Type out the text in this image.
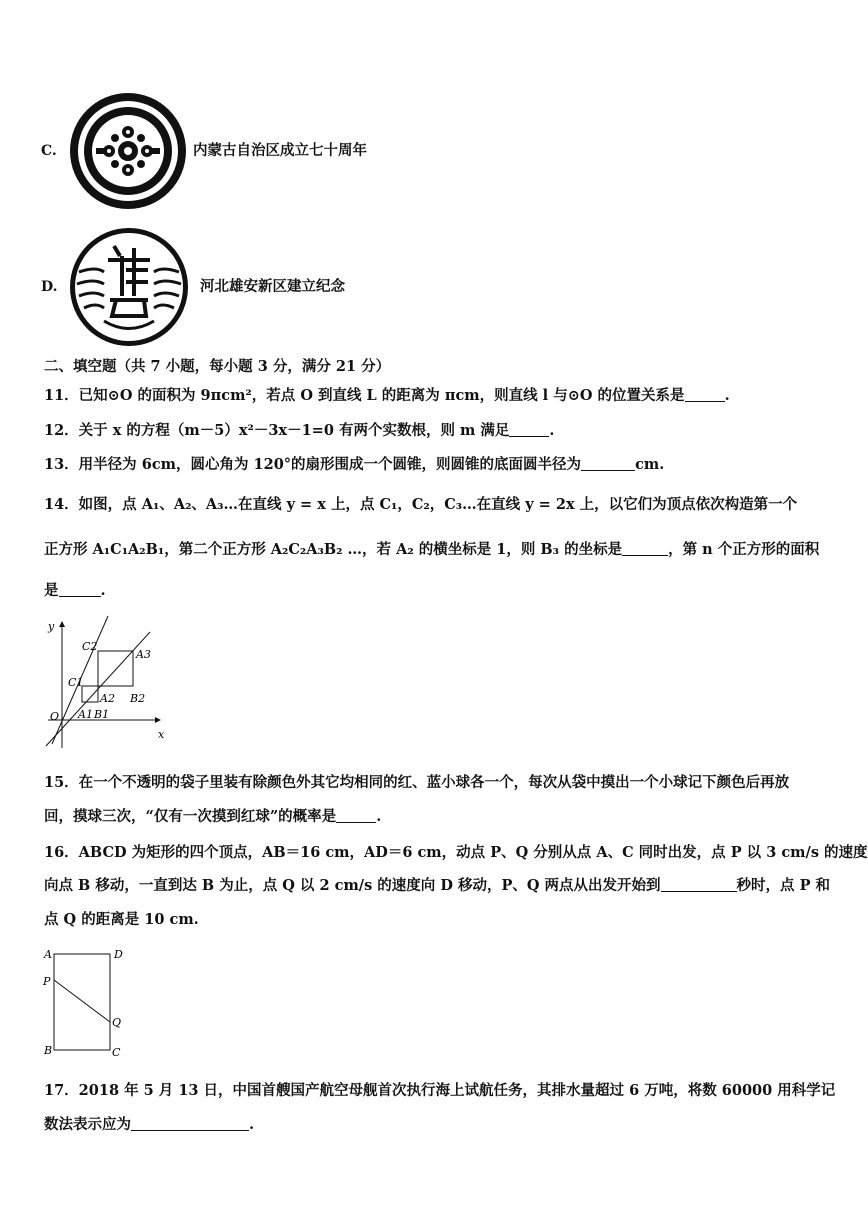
C.	内蒙古自治区成立七十周年
D.	河北雄安新区建立纪念
二、填空题（共 7 小题，每小题 3 分，满分 21 分）
11．已知⊙O 的面积为 9πcm²，若点 O 到直线 L 的距离为 πcm，则直线 l 与⊙O 的位置关系是	.
12．关于 x 的方程（m－5）x²－3x－1=0 有两个实数根，则 m 满足	.
13．用半径为 6cm，圆心角为 120°的扇形围成一个圆锥，则圆锥的底面圆半径为	cm.
14．如图，点 A₁、A₂、A₃…在直线 y = x 上，点 C₁，C₂，C₃…在直线 y = 2x 上，以它们为顶点依次构造第一个
正方形 A₁C₁A₂B₁，第二个正方形 A₂C₂A₃B₂ …，若 A₂ 的横坐标是 1，则 B₃ 的坐标是	，第 n 个正方形的面积
是	.
y
x
O
C2
A3
C1
A2 B2
A1 B1
15．在一个不透明的袋子里装有除颜色外其它均相同的红、蓝小球各一个，每次从袋中摸出一个小球记下颜色后再放
回，摸球三次，“仅有一次摸到红球”的概率是	.
16．ABCD 为矩形的四个顶点，AB＝16 cm，AD＝6 cm，动点 P、Q 分别从点 A、C 同时出发，点 P 以 3 cm/s 的速度
向点 B 移动，一直到达 B 为止，点 Q 以 2 cm/s 的速度向 D 移动，P、Q 两点从出发开始到	秒时，点 P 和
点 Q 的距离是 10 cm.
A	D
P
Q
B	C
17．2018 年 5 月 13 日，中国首艘国产航空母舰首次执行海上试航任务，其排水量超过 6 万吨，将数 60000 用科学记
数法表示应为	.
